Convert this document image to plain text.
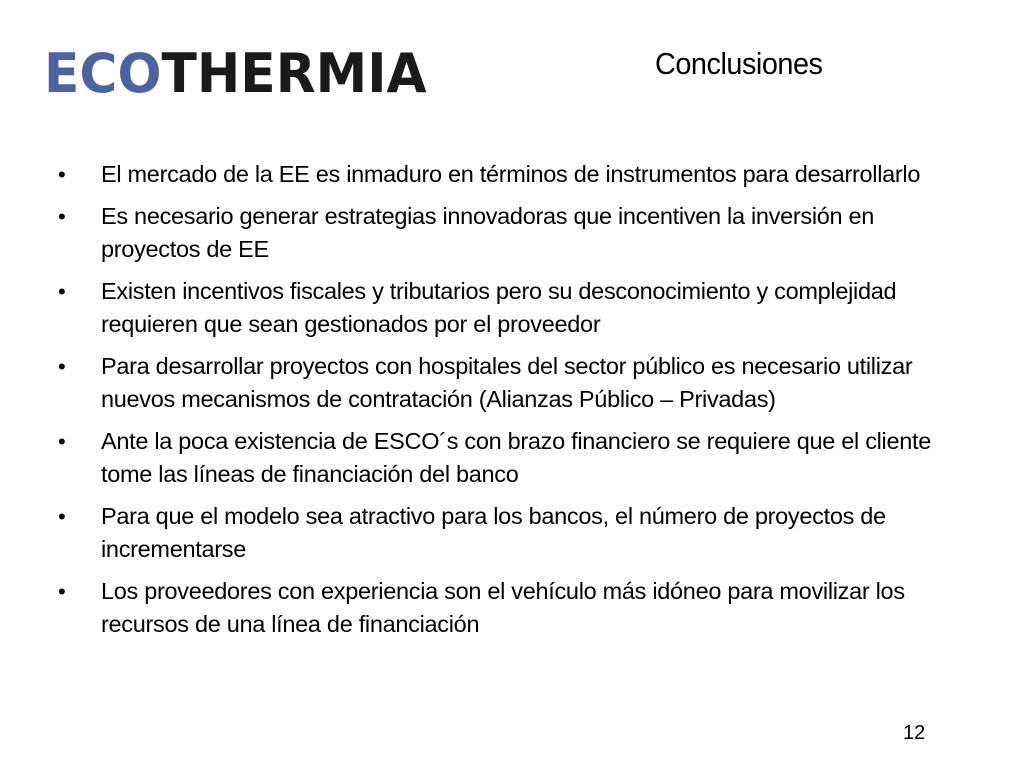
ECOTHERMIA	Conclusiones
•	El mercado de la EE es inmaduro en términos de instrumentos para desarrollarlo
•	Es necesario generar estrategias innovadoras que incentiven la inversión en proyectos de EE
•	Existen incentivos fiscales y tributarios pero su desconocimiento y complejidad requieren que sean gestionados por el proveedor
•	Para desarrollar proyectos con hospitales del sector público es necesario utilizar nuevos mecanismos de contratación (Alianzas Público – Privadas)
•	Ante la poca existencia de ESCO´s con brazo financiero se requiere que el cliente tome las líneas de financiación del banco
•	Para que el modelo sea atractivo para los bancos, el número de proyectos de incrementarse
•	Los proveedores con experiencia son el vehículo más idóneo para movilizar los recursos de una línea de financiación
12
